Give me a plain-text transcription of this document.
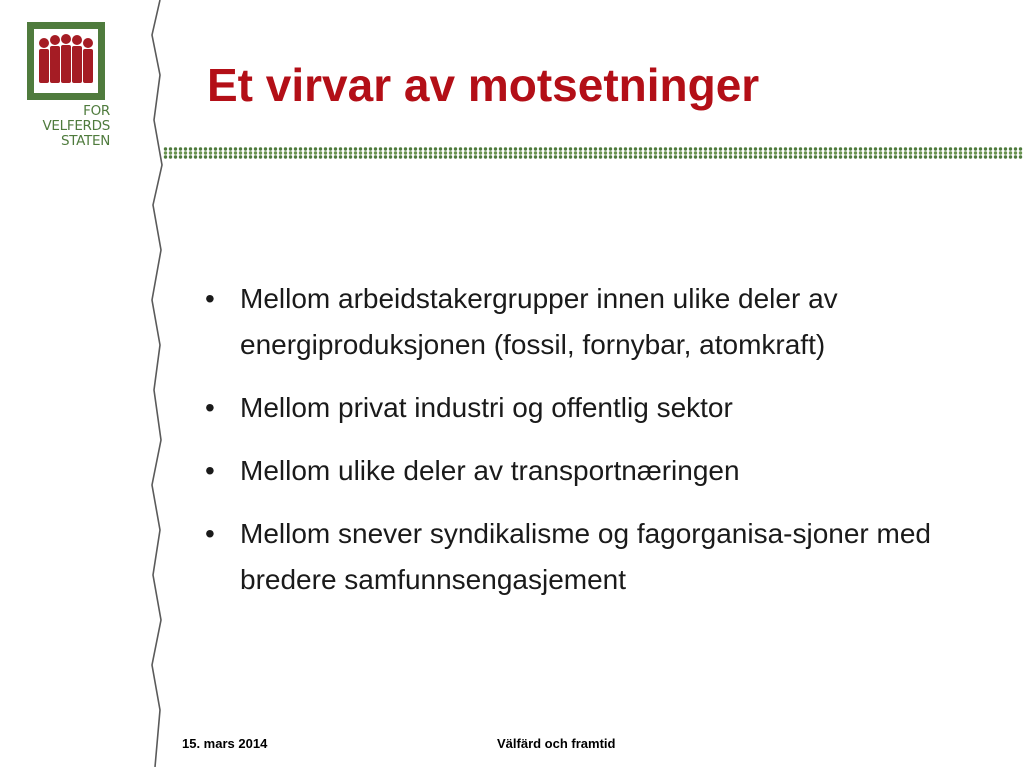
FOR
VELFERDS
STATEN
Et virvar av motsetninger
• Mellom arbeidstakergrupper innen ulike deler av energiproduksjonen (fossil, fornybar, atomkraft)
• Mellom privat industri og offentlig sektor
• Mellom ulike deler av transportnæringen
• Mellom snever syndikalisme og fagorganisa-sjoner med bredere samfunnsengasjement
15. mars 2014	Välfärd och framtid
